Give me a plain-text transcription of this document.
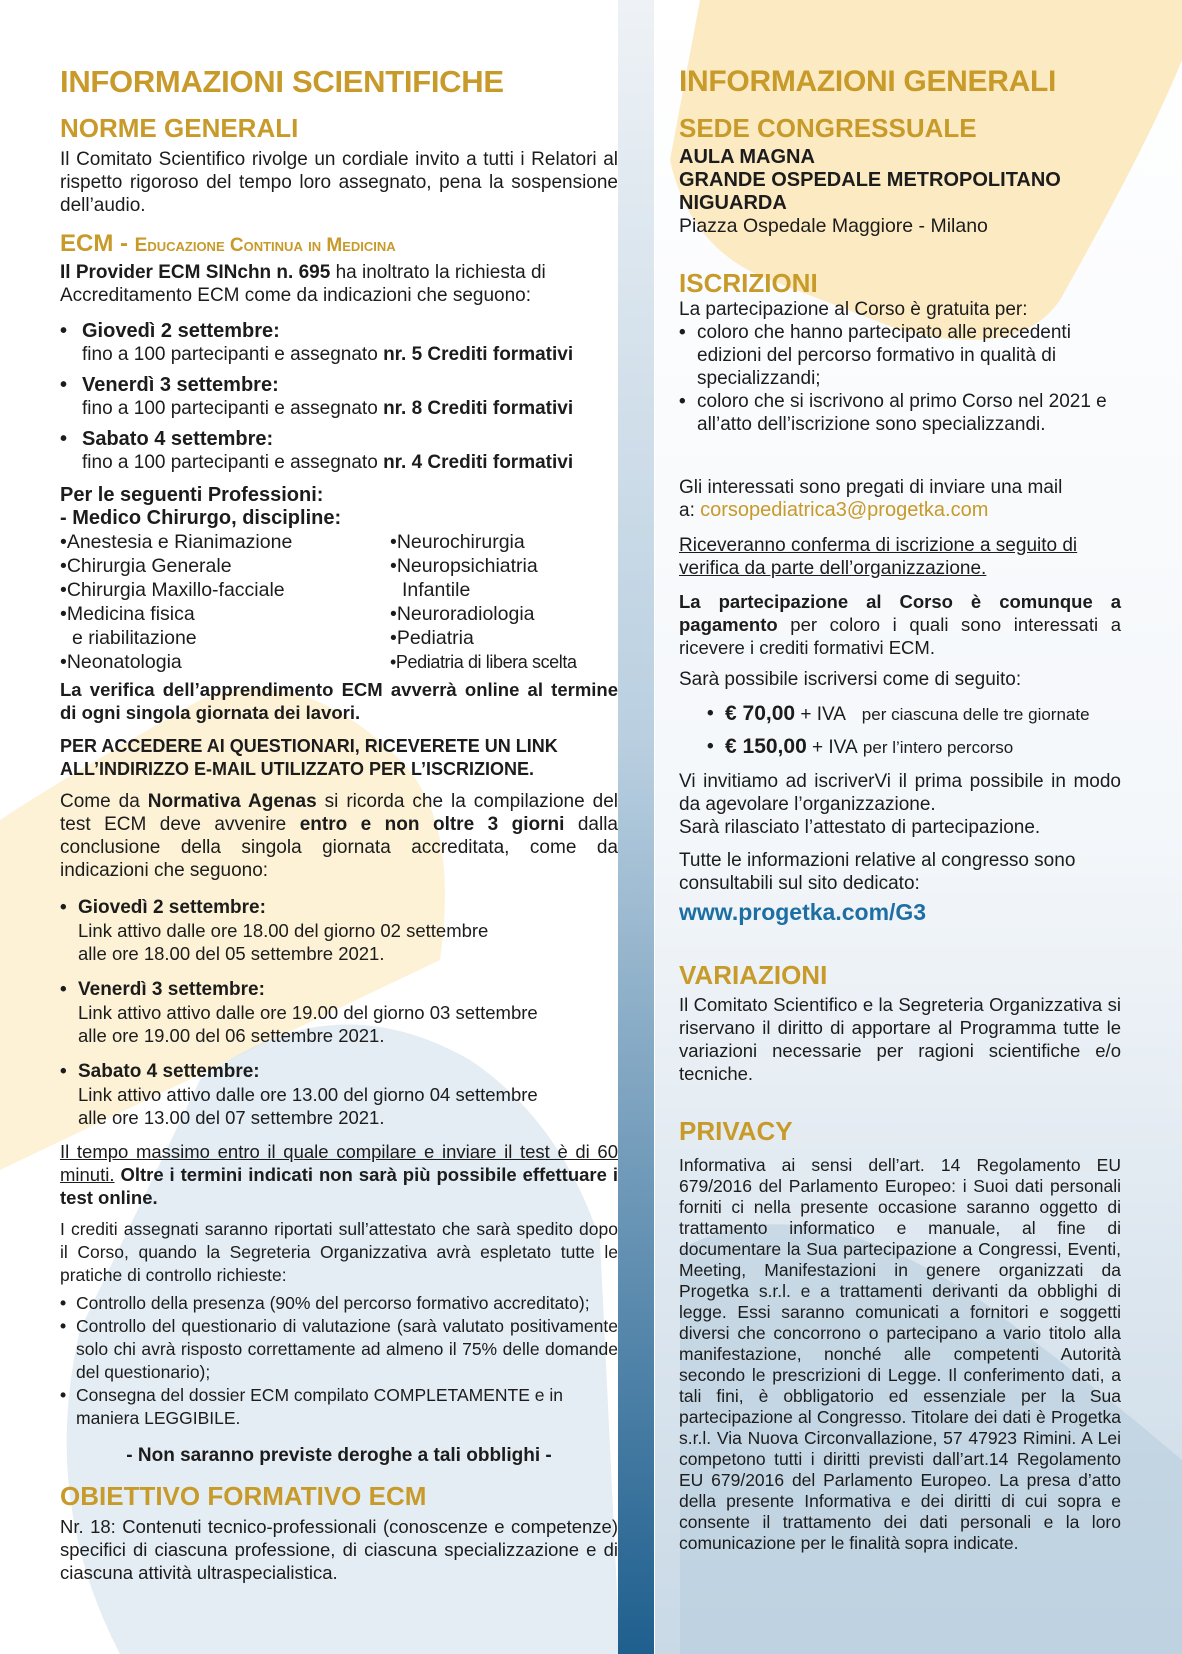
INFORMAZIONI SCIENTIFICHE
NORME GENERALI

Il Comitato Scientifico rivolge un cordiale invito a tutti i Relatori al rispetto rigoroso del tempo loro assegnato, pena la sospensione dell’audio.

ECM - Educazione Continua in Medicina

Il Provider ECM SINchn n. 695 ha inoltrato la richiesta di Accreditamento ECM come da indicazioni che seguono:

• Giovedì 2 settembre:
fino a 100 partecipanti e assegnato nr. 5 Crediti formativi
• Venerdì 3 settembre:
fino a 100 partecipanti e assegnato nr. 8 Crediti formativi
• Sabato 4 settembre:
fino a 100 partecipanti e assegnato nr. 4 Crediti formativi

Per le seguenti Professioni:

- Medico Chirurgo, discipline:

•Anestesia e Rianimazione
•Chirurgia Generale
•Chirurgia Maxillo-facciale
•Medicina fisica
e riabilitazione
•Neonatologia
•Neurochirurgia
•Neuropsichiatria
Infantile
•Neuroradiologia
•Pediatria
•Pediatria di libera scelta

La verifica dell’apprendimento ECM avverrà online al termine di ogni singola giornata dei lavori.

PER ACCEDERE AI QUESTIONARI, RICEVERETE UN LINK ALL’INDIRIZZO E-MAIL UTILIZZATO PER L’ISCRIZIONE.

Come da Normativa Agenas si ricorda che la compilazione del test ECM deve avvenire entro e non oltre 3 giorni dalla conclusione della singola giornata accreditata, come da indicazioni che seguono:

• Giovedì 2 settembre:
Link attivo dalle ore 18.00 del giorno 02 settembre
alle ore 18.00 del 05 settembre 2021.
• Venerdì 3 settembre:
Link attivo attivo dalle ore 19.00 del giorno 03 settembre
alle ore 19.00 del 06 settembre 2021.
• Sabato 4 settembre:
Link attivo attivo dalle ore 13.00 del giorno 04 settembre
alle ore 13.00 del 07 settembre 2021.

Il tempo massimo entro il quale compilare e inviare il test è di 60 minuti. Oltre i termini indicati non sarà più possibile effettuare i test online.

I crediti assegnati saranno riportati sull’attestato che sarà spedito dopo il Corso, quando la Segreteria Organizzativa avrà espletato tutte le pratiche di controllo richieste:

• Controllo della presenza (90% del percorso formativo accreditato);

• Controllo del questionario di valutazione (sarà valutato positivamente solo chi avrà risposto correttamente ad almeno il 75% delle domande del questionario);

• Consegna del dossier ECM compilato COMPLETAMENTE e in maniera LEGGIBILE.

- Non saranno previste deroghe a tali obblighi -

OBIETTIVO FORMATIVO ECM

Nr. 18: Contenuti tecnico-professionali (conoscenze e competenze) specifici di ciascuna professione, di ciascuna specializzazione e di ciascuna attività ultraspecialistica.

INFORMAZIONI GENERALI
SEDE CONGRESSUALE

AULA MAGNA

GRANDE OSPEDALE METROPOLITANO

NIGUARDA

Piazza Ospedale Maggiore - Milano

ISCRIZIONI

La partecipazione al Corso è gratuita per:

• coloro che hanno partecipato alle precedenti edizioni del percorso formativo in qualità di specializzandi;

• coloro che si iscrivono al primo Corso nel 2021 e all’atto dell’iscrizione sono specializzandi.

Gli interessati sono pregati di inviare una mail
a: corsopediatrica3@progetka.com

Riceveranno conferma di iscrizione a seguito di verifica da parte dell’organizzazione.

La partecipazione al Corso è comunque a pagamento per coloro i quali sono interessati a ricevere i crediti formativi ECM.

Sarà possibile iscriversi come di seguito:

• € 70,00 + IVA per ciascuna delle tre giornate

• € 150,00 + IVA per l’intero percorso

Vi invitiamo ad iscriverVi il prima possibile in modo da agevolare l’organizzazione.

Sarà rilasciato l’attestato di partecipazione.

Tutte le informazioni relative al congresso sono consultabili sul sito dedicato:

www.progetka.com/G3

VARIAZIONI

Il Comitato Scientifico e la Segreteria Organizzativa si riservano il diritto di apportare al Programma tutte le variazioni necessarie per ragioni scientifiche e/o tecniche.

PRIVACY

Informativa ai sensi dell’art. 14 Regolamento EU 679/2016 del Parlamento Europeo: i Suoi dati personali forniti ci nella presente occasione saranno oggetto di trattamento informatico e manuale, al fine di documentare la Sua partecipazione a Congressi, Eventi, Meeting, Manifestazioni in genere organizzati da Progetka s.r.l. e a trattamenti derivanti da obblighi di legge. Essi saranno comunicati a fornitori e soggetti diversi che concorrono o partecipano a vario titolo alla manifestazione, nonché alle competenti Autorità secondo le prescrizioni di Legge. Il conferimento dati, a tali fini, è obbligatorio ed essenziale per la Sua partecipazione al Congresso. Titolare dei dati è Progetka s.r.l. Via Nuova Circonvallazione, 57 47923 Rimini. A Lei competono tutti i diritti previsti dall’art.14 Regolamento EU 679/2016 del Parlamento Europeo. La presa d’atto della presente Informativa e dei diritti di cui sopra e consente il trattamento dei dati personali e la loro comunicazione per le finalità sopra indicate.
